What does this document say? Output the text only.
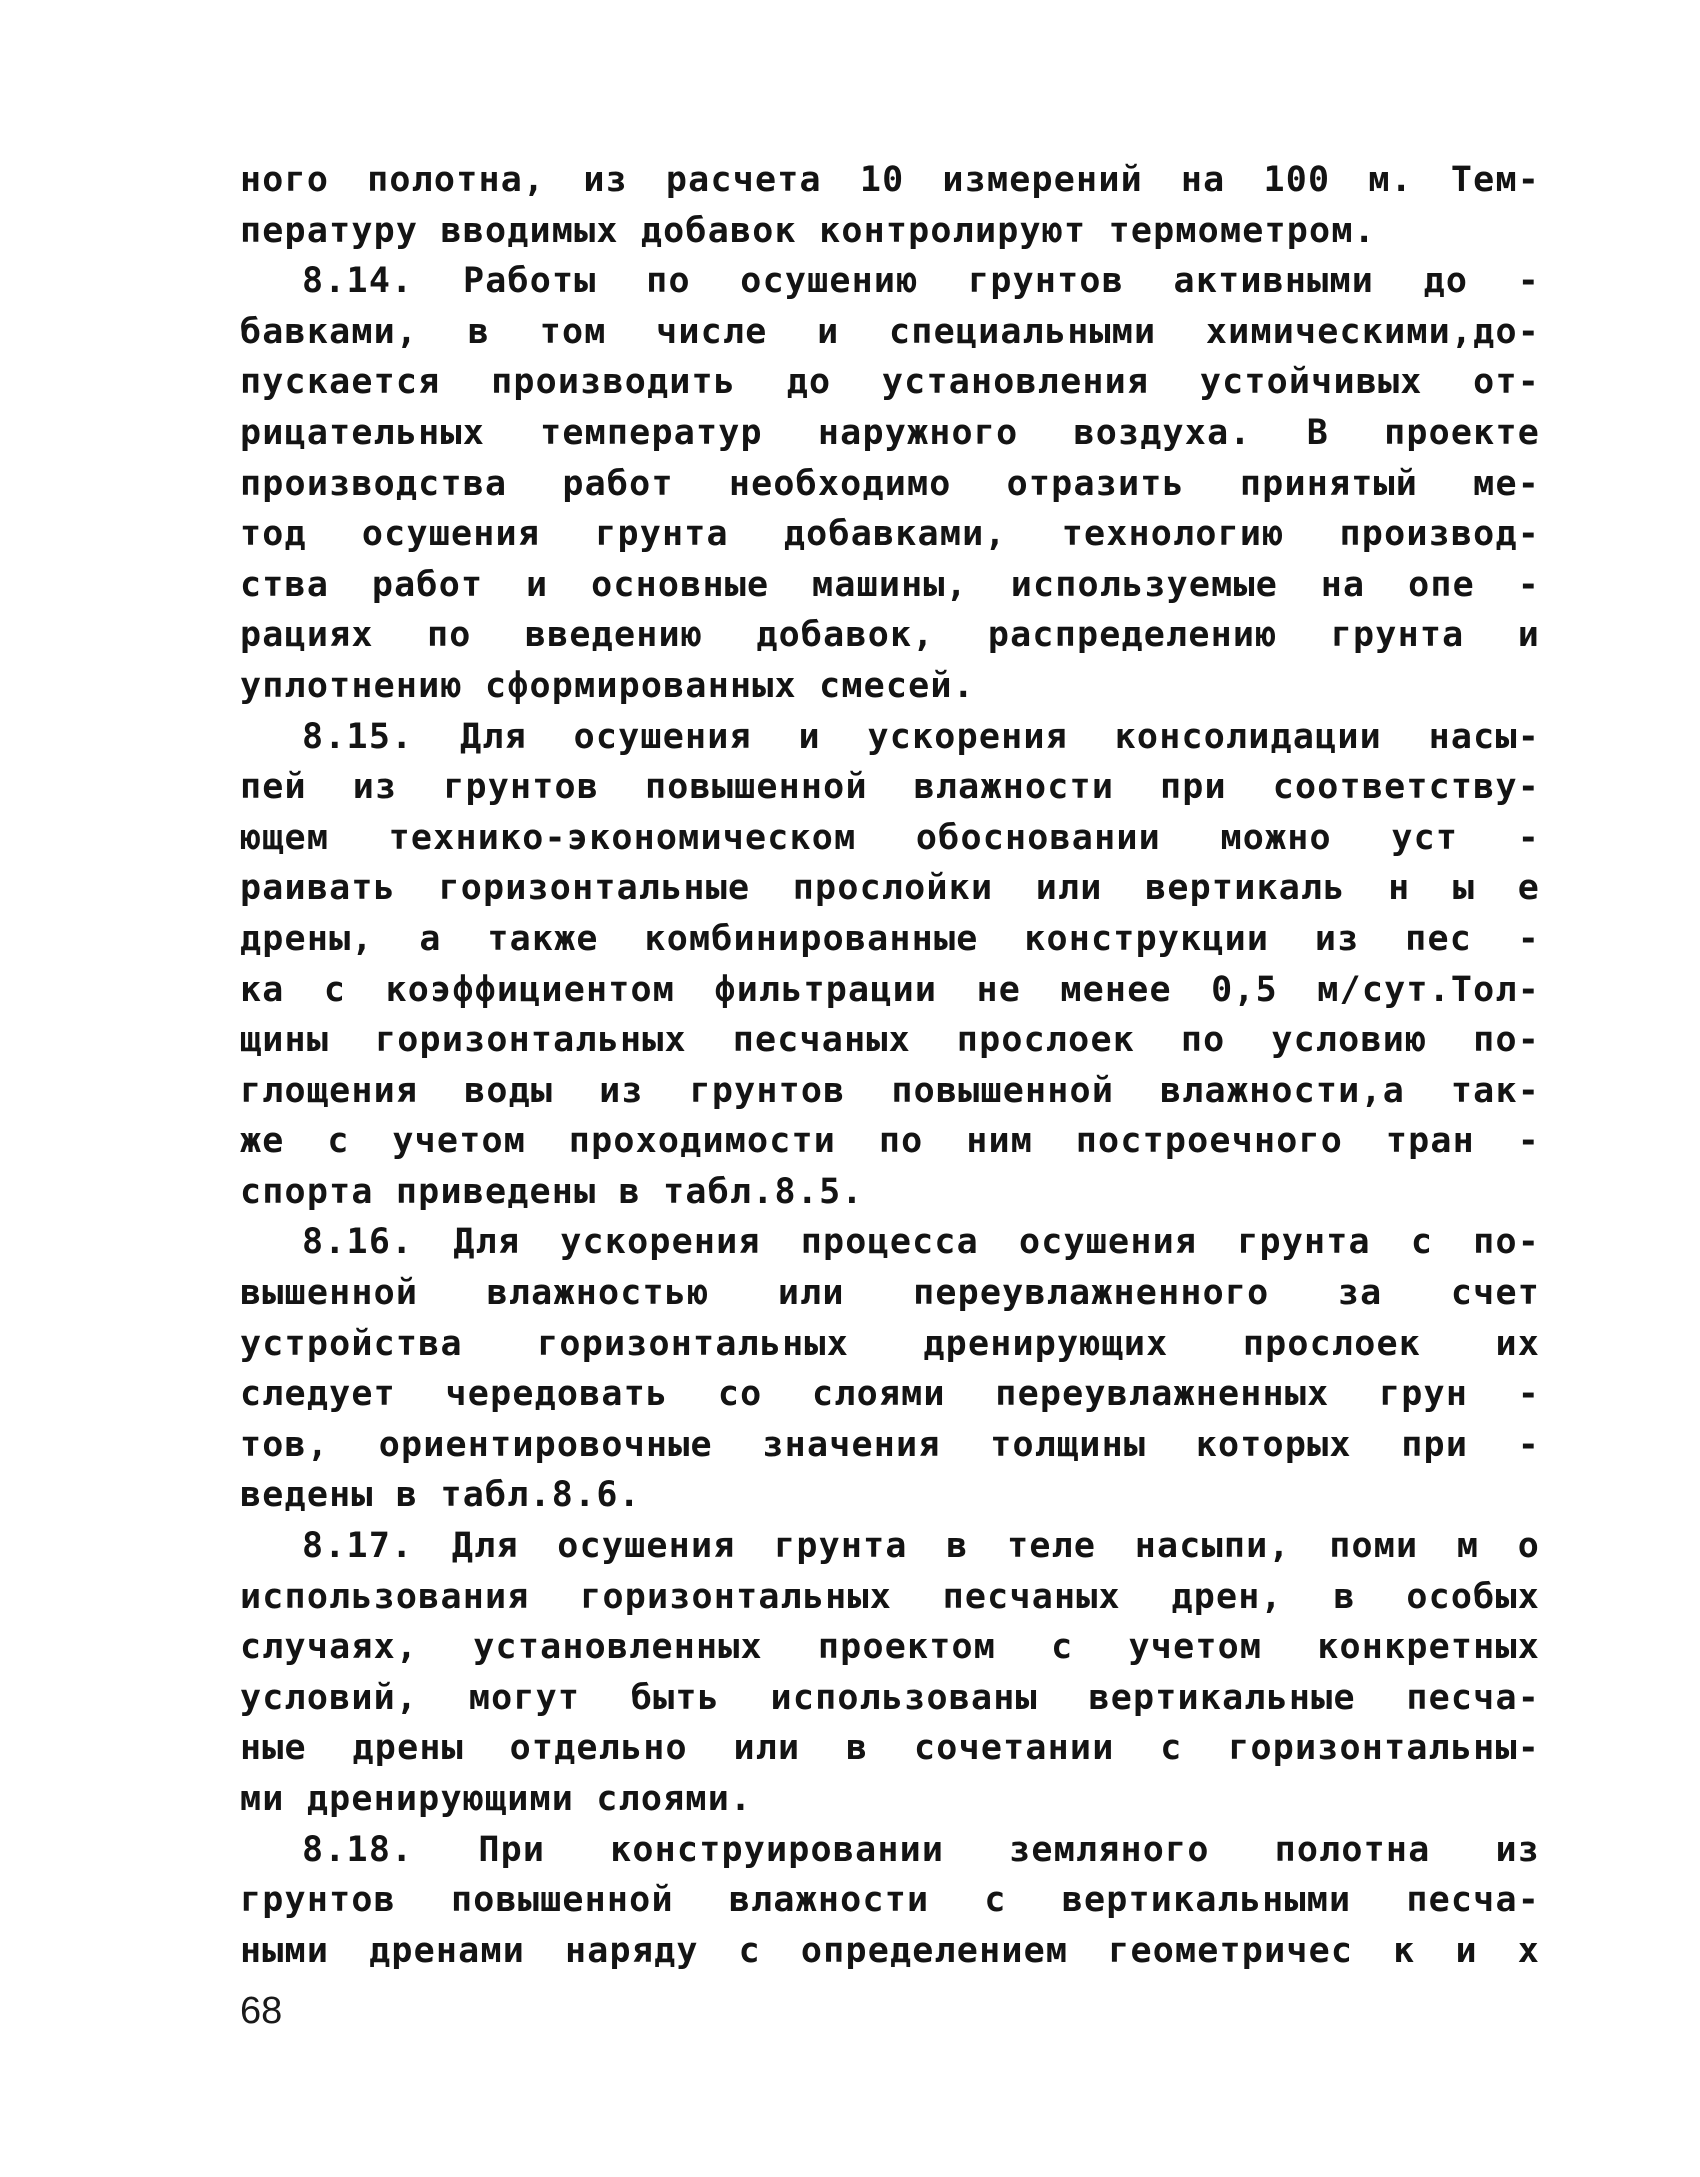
ного полотна, из расчета 10 измерений на 100 м. Тем-
пературу вводимых добавок контролируют термометром.
8.14. Работы по осушению грунтов активными до -
бавками, в том числе и специальными химическими,до-
пускается производить до установления устойчивых от-
рицательных температур наружного воздуха. В проекте
производства работ необходимо отразить принятый ме-
тод осушения грунта добавками, технологию производ-
ства работ и основные машины, используемые на опе -
рациях по введению добавок, распределению грунта и
уплотнению сформированных смесей.
8.15. Для осушения и ускорения консолидации насы-
пей из грунтов повышенной влажности при соответству-
ющем технико-экономическом обосновании можно уст -
раивать горизонтальные прослойки или вертикаль н ы е
дрены, а также комбинированные конструкции из пес -
ка с коэффициентом фильтрации не менее 0,5 м/сут.Тол-
щины горизонтальных песчаных прослоек по условию по-
глощения воды из грунтов повышенной влажности,а так-
же с учетом проходимости по ним построечного тран -
спорта приведены в табл.8.5.
8.16. Для ускорения процесса осушения грунта с по-
вышенной влажностью или переувлажненного за счет
устройства горизонтальных дренирующих прослоек их
следует чередовать со слоями переувлажненных грун -
тов, ориентировочные значения толщины которых при -
ведены в табл.8.6.
8.17. Для осушения грунта в теле насыпи, поми м о
использования горизонтальных песчаных дрен, в особых
случаях, установленных проектом с учетом конкретных
условий, могут быть использованы вертикальные песча-
ные дрены отдельно или в сочетании с горизонтальны-
ми дренирующими слоями.
8.18. При конструировании земляного полотна из
грунтов повышенной влажности с вертикальными песча-
ными дренами наряду с определением геометричес к и х
68
